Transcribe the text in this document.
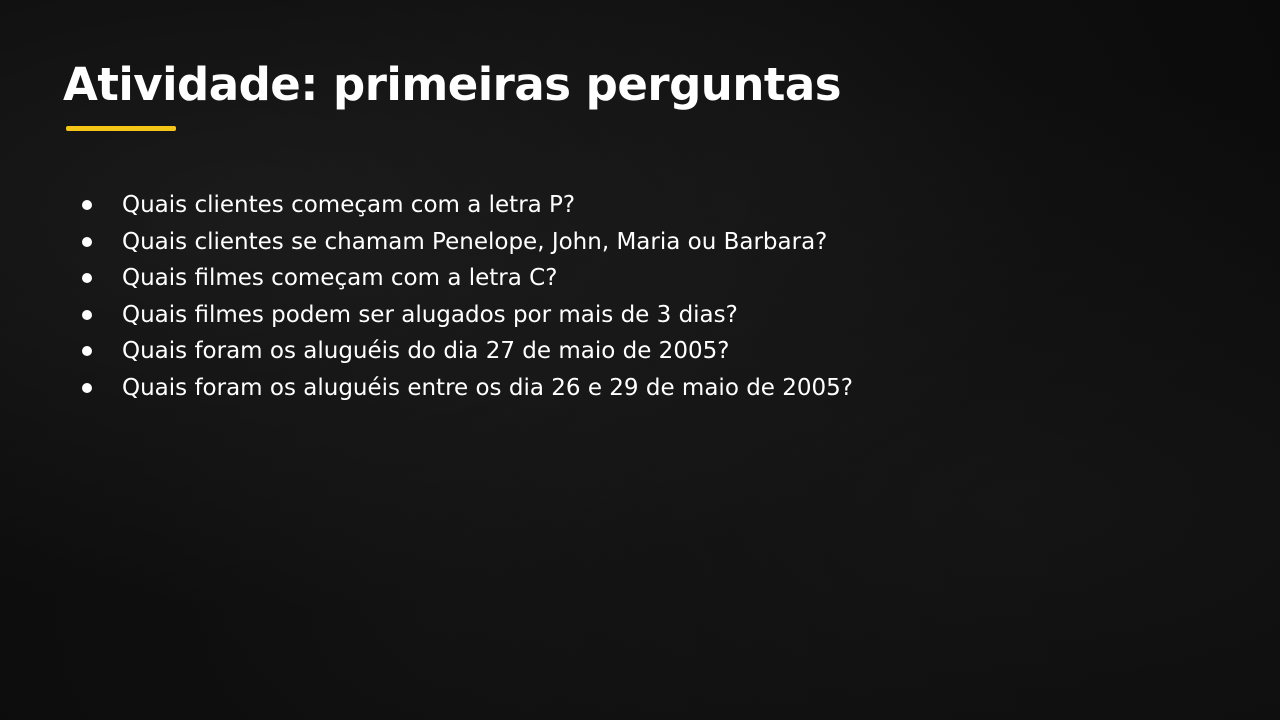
Atividade: primeiras perguntas
Quais clientes começam com a letra P?
Quais clientes se chamam Penelope, John, Maria ou Barbara?
Quais filmes começam com a letra C?
Quais filmes podem ser alugados por mais de 3 dias?
Quais foram os aluguéis do dia 27 de maio de 2005?
Quais foram os aluguéis entre os dia 26 e 29 de maio de 2005?
